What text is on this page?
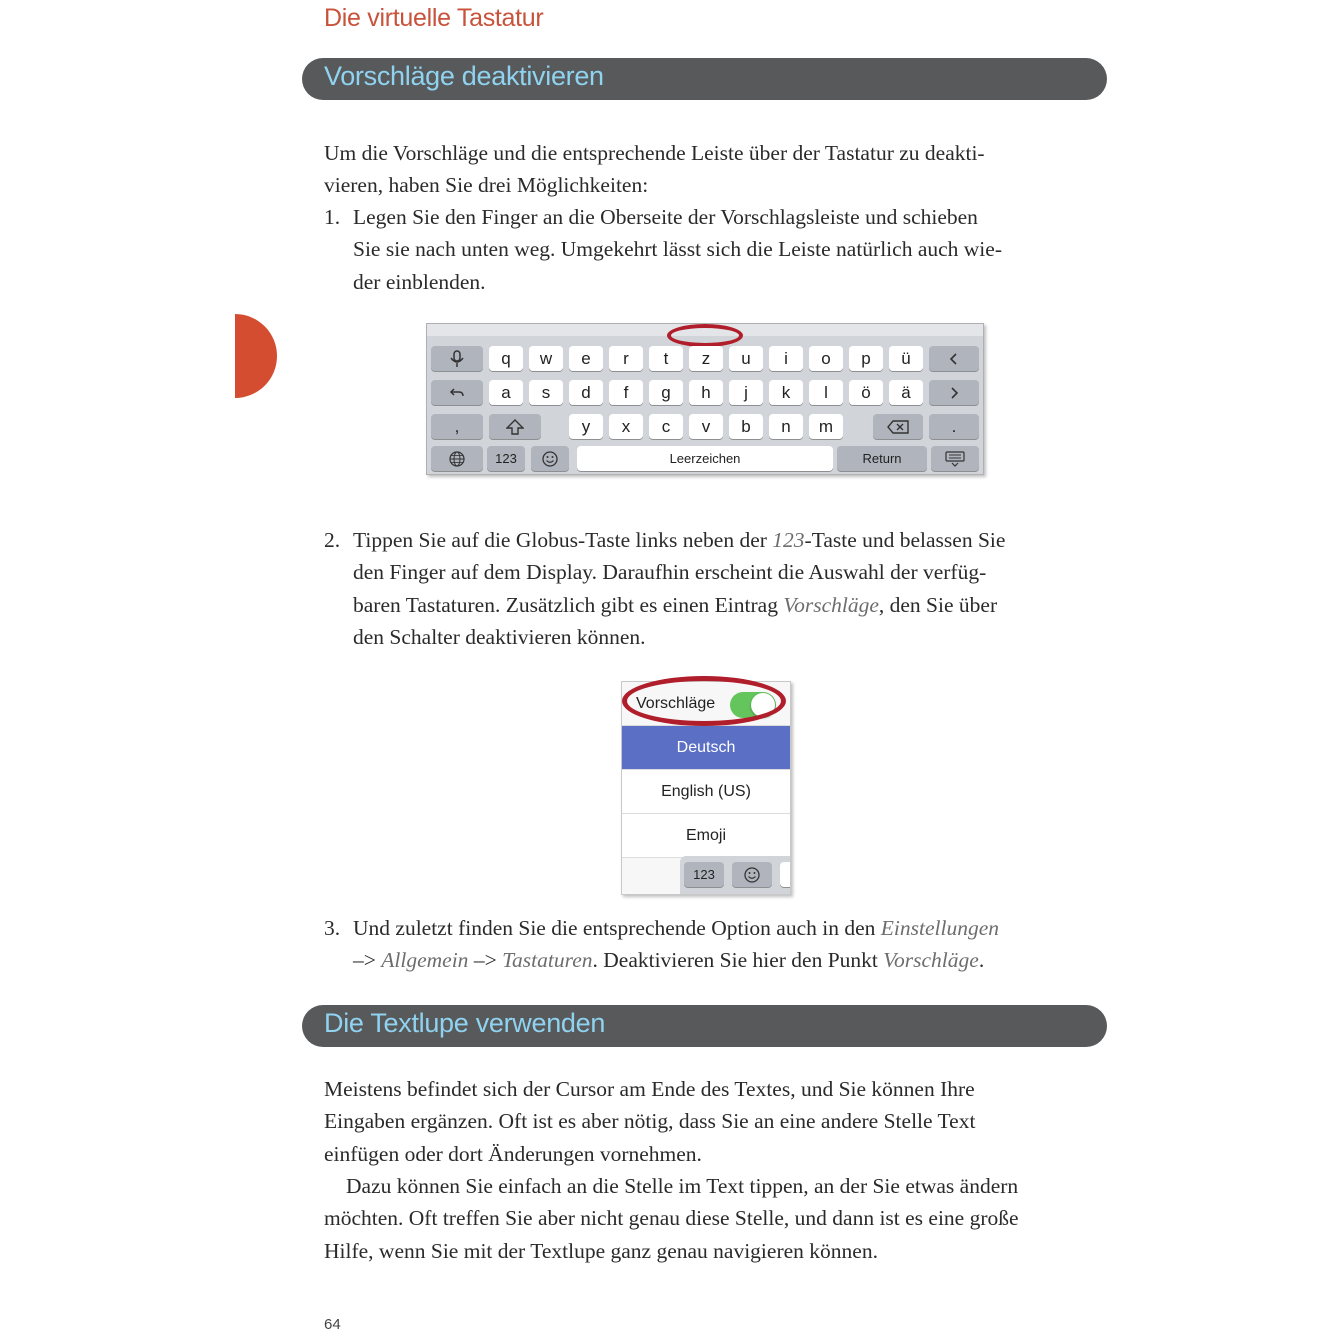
Die virtuelle Tastatur
Vorschläge deaktivieren
Um die Vorschläge und die entsprechende Leiste über der Tastatur zu deakti-
vieren, haben Sie drei Möglichkeiten:
1. Legen Sie den Finger an die Oberseite der Vorschlagsleiste und schieben
Sie sie nach unten weg. Umgekehrt lässt sich die Leiste natürlich auch wie-
der einblenden.
q	w	e	r	t	z	u	i	o	p	ü
a	s	d	f	g	h	j	k	l	ö	ä
,	y	x	c	v	b	n	m	.
123	Leerzeichen	Return
2. Tippen Sie auf die Globus-Taste links neben der 123-Taste und belassen Sie
den Finger auf dem Display. Daraufhin erscheint die Auswahl der verfüg-
baren Tastaturen. Zusätzlich gibt es einen Eintrag Vorschläge, den Sie über
den Schalter deaktivieren können.
Vorschläge
Deutsch
English (US)
Emoji
123
3. Und zuletzt finden Sie die entsprechende Option auch in den Einstellungen
–> Allgemein –> Tastaturen. Deaktivieren Sie hier den Punkt Vorschläge.
Die Textlupe verwenden
Meistens befindet sich der Cursor am Ende des Textes, und Sie können Ihre
Eingaben ergänzen. Oft ist es aber nötig, dass Sie an eine andere Stelle Text
einfügen oder dort Änderungen vornehmen.
Dazu können Sie einfach an die Stelle im Text tippen, an der Sie etwas ändern
möchten. Oft treffen Sie aber nicht genau diese Stelle, und dann ist es eine große
Hilfe, wenn Sie mit der Textlupe ganz genau navigieren können.
64
